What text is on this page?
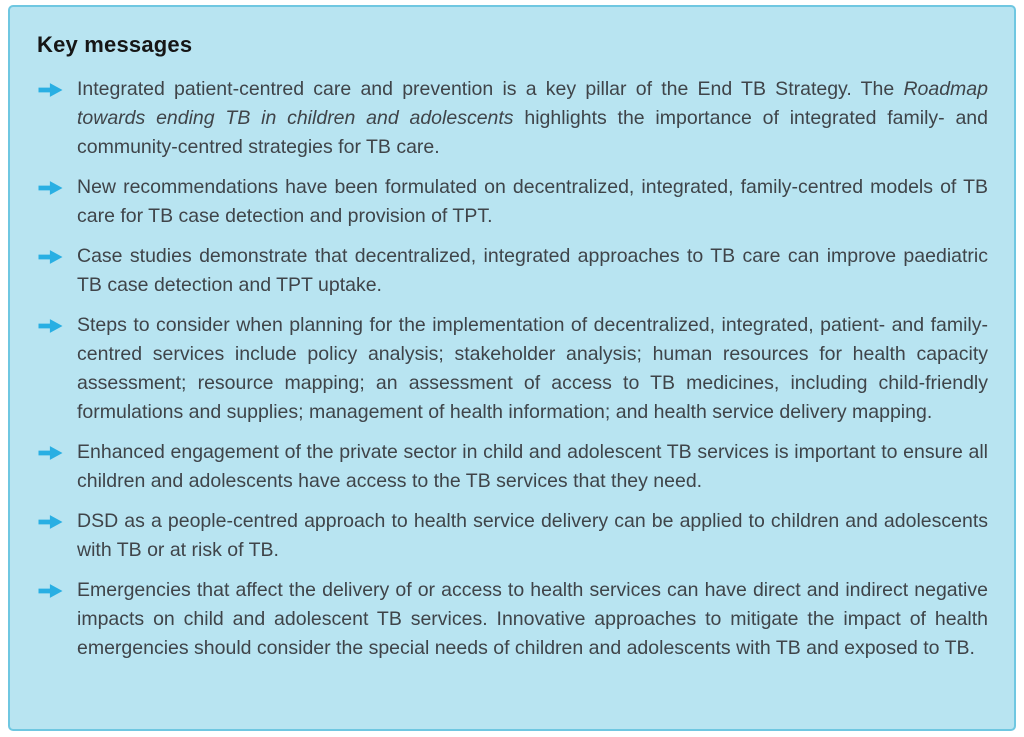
Key messages
Integrated patient-centred care and prevention is a key pillar of the End TB Strategy. The Roadmap towards ending TB in children and adolescents highlights the importance of integrated family- and community-centred strategies for TB care.
New recommendations have been formulated on decentralized, integrated, family-centred models of TB care for TB case detection and provision of TPT.
Case studies demonstrate that decentralized, integrated approaches to TB care can improve paediatric TB case detection and TPT uptake.
Steps to consider when planning for the implementation of decentralized, integrated, patient- and family-centred services include policy analysis; stakeholder analysis; human resources for health capacity assessment; resource mapping; an assessment of access to TB medicines, including child-friendly formulations and supplies; management of health information; and health service delivery mapping.
Enhanced engagement of the private sector in child and adolescent TB services is important to ensure all children and adolescents have access to the TB services that they need.
DSD as a people-centred approach to health service delivery can be applied to children and adolescents with TB or at risk of TB.
Emergencies that affect the delivery of or access to health services can have direct and indirect negative impacts on child and adolescent TB services. Innovative approaches to mitigate the impact of health emergencies should consider the special needs of children and adolescents with TB and exposed to TB.
